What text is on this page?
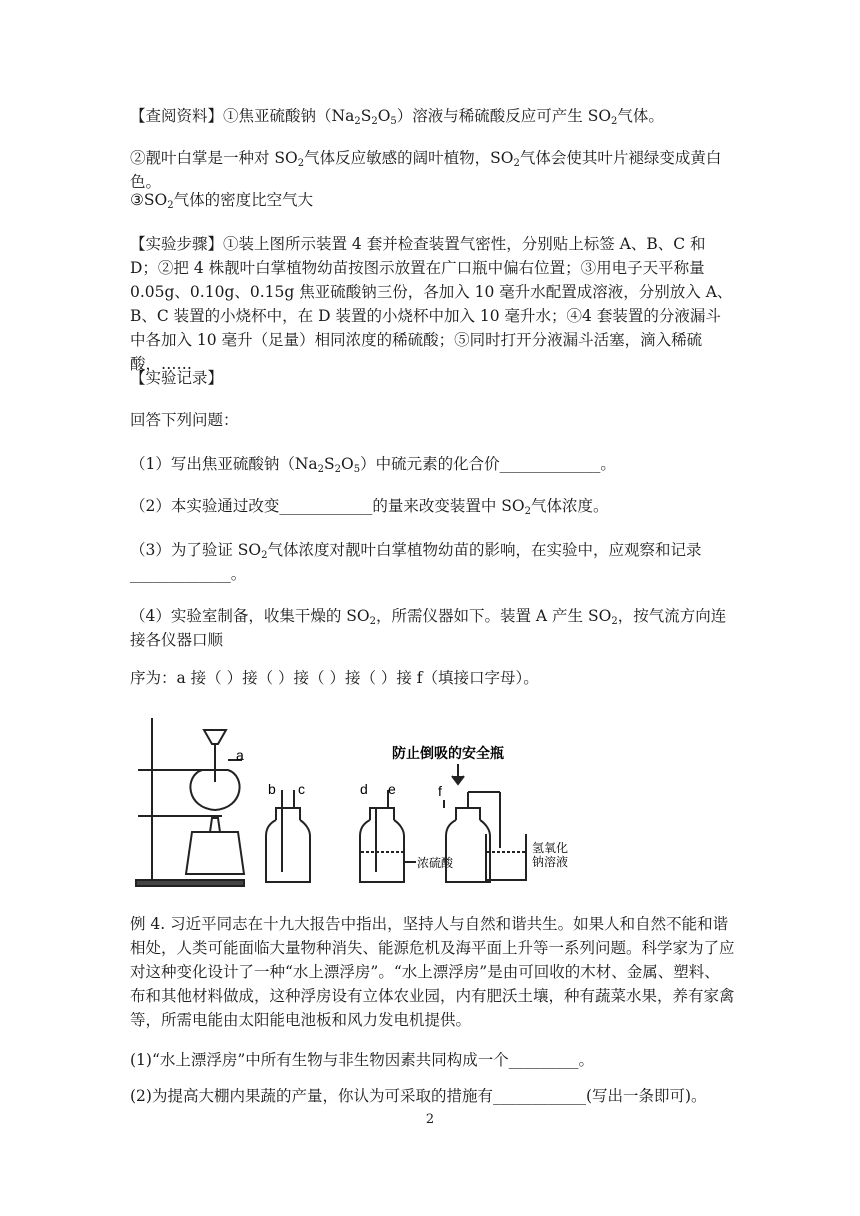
【查阅资料】①焦亚硫酸钠$(Na_2S_2O_5)$溶液与稀硫酸反应可产生 $SO_2$气体。

②靓叶白掌是一种对 $SO_2$气体反应敏感的阔叶植物，$SO_2$气体会使其叶片褪绿变成黄白色。

$③SO_2$气体的密度比空气大

【实验步骤】①装上图所示装置 4 套并检查装置气密性，分别贴上标签 A、B、C 和 D；②把 4 株靓叶白掌植物幼苗按图示放置在广口瓶中偏右位置；③用电子天平称量 0.05g、0.10g、0.15g 焦亚硫酸钠三份，各加入 10 毫升水配置成溶液，分别放入 A、B、C 装置的小烧杯中，在 D 装置的小烧杯中加入 10 毫升水；④4 套装置的分液漏斗中各加入 10 毫升（足量）相同浓度的稀硫酸；⑤同时打开分液漏斗活塞，滴入稀硫酸，……

【实验记录】

回答下列问题：

（1）写出焦亚硫酸钠$(Na_2S_2O_5)$中硫元素的化合价_____________。

（2）本实验通过改变____________的量来改变装置中 $SO_2$气体浓度。

（3）为了验证 $SO_2$气体浓度对靓叶白掌植物幼苗的影响，在实验中，应观察和记录_____________。

（4）实验室制备，收集干燥的 $SO_2$，所需仪器如下。装置 A 产生 $SO_2$，按气流方向连接各仪器口顺

序为：a 接（ ）接（ ）接（ ）接（ ）接 f（填接口字母）。

a
b c	d e
浓硫酸
防止倒吸的安全瓶
f
氢氧化
钠溶液

例 4. 习近平同志在十九大报告中指出，坚持人与自然和谐共生。如果人和自然不能和谐相处，人类可能面临大量物种消失、能源危机及海平面上升等一系列问题。科学家为了应对这种变化设计了一种“水上漂浮房”。“水上漂浮房”是由可回收的木材、金属、塑料、布和其他材料做成，这种浮房设有立体农业园，内有肥沃土壤，种有蔬菜水果，养有家禽等，所需电能由太阳能电池板和风力发电机提供。

(1)“水上漂浮房”中所有生物与非生物因素共同构成一个_________。

(2)为提高大棚内果蔬的产量，你认为可采取的措施有____________(写出一条即可)。

2
